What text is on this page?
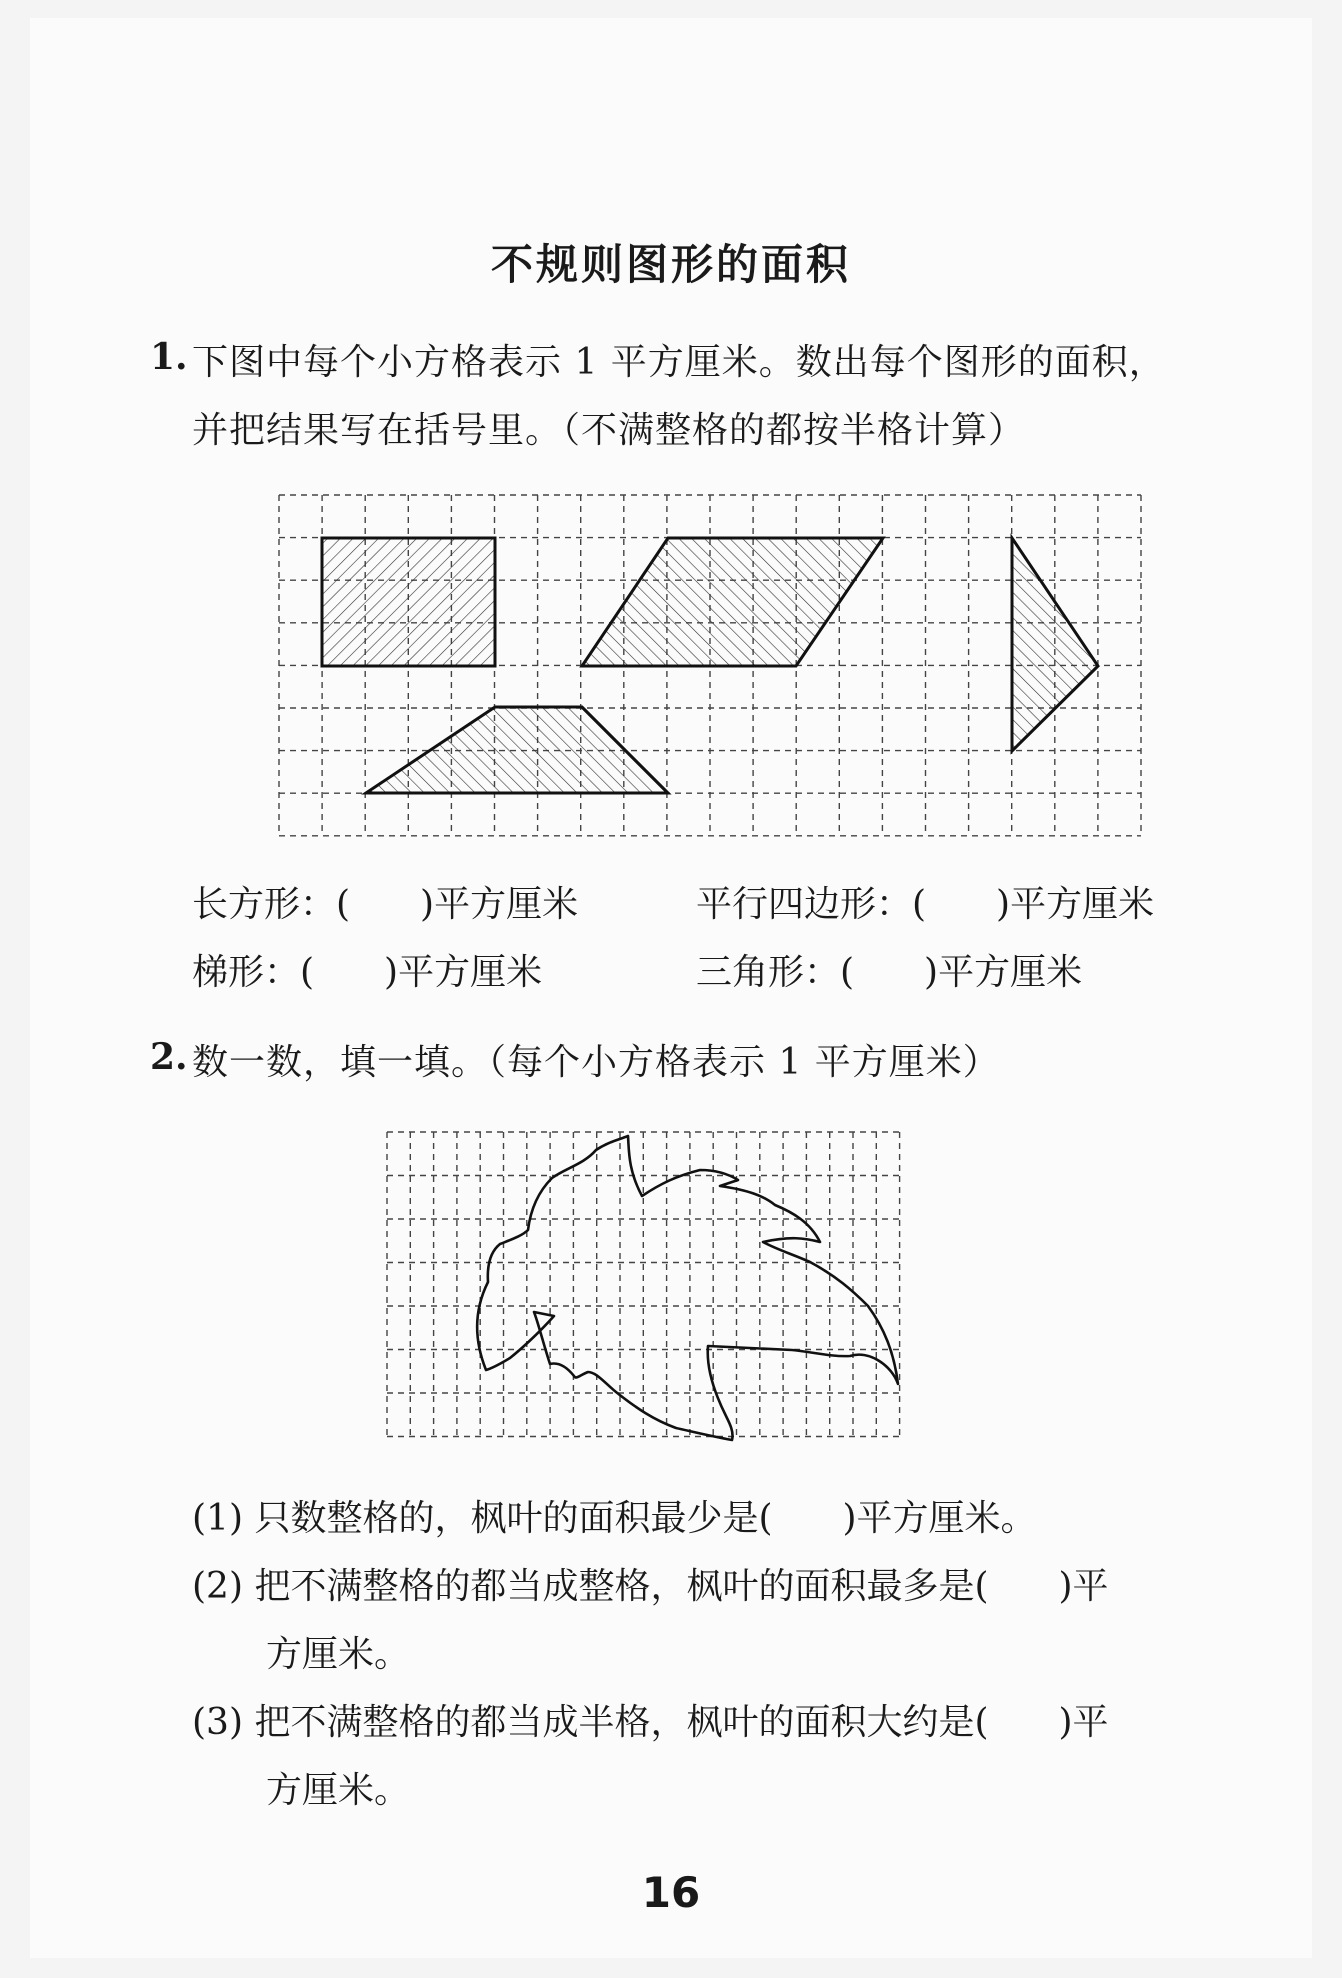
不规则图形的面积
1. 下图中每个小方格表示 1 平方厘米。数出每个图形的面积，
并把结果写在括号里。（不满整格的都按半格计算）
长方形：( )平方厘米	平行四边形：( )平方厘米
梯形：( )平方厘米	三角形：( )平方厘米
2. 数一数，填一填。（每个小方格表示 1 平方厘米）
(1) 只数整格的，枫叶的面积最少是( )平方厘米。
(2) 把不满整格的都当成整格，枫叶的面积最多是( )平
方厘米。
(3) 把不满整格的都当成半格，枫叶的面积大约是( )平
方厘米。
16
